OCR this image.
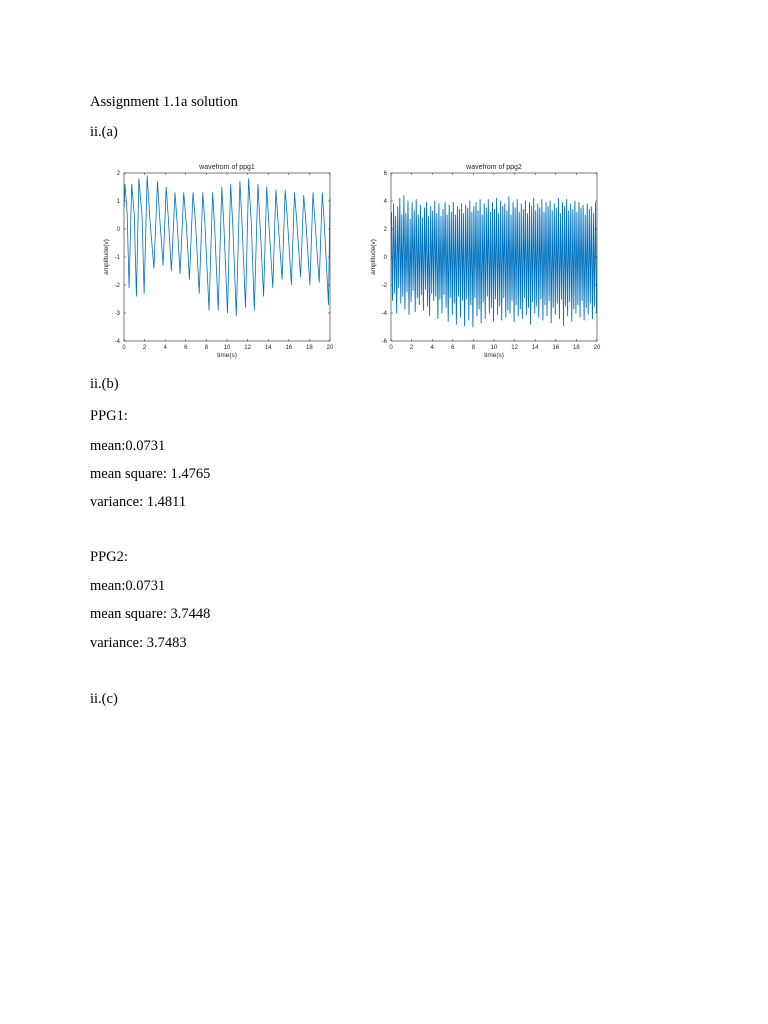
Assignment 1.1a solution
ii.(a)
wavefrom of ppg1
0	2	4	6	8	10 12 14 16 18 20
-4
-3
-2
-1
0
1
2
time(s)
amplitude(v)
wavefrom of ppg2
0	2	4	6	8	10 12 14 16 18 20
-6
-4
-2
0
2
4
6
time(s)
amplitude(v)
ii.(b)
PPG1:
mean:0.0731
mean square: 1.4765
variance: 1.4811
PPG2:
mean:0.0731
mean square: 3.7448
variance: 3.7483
ii.(c)
